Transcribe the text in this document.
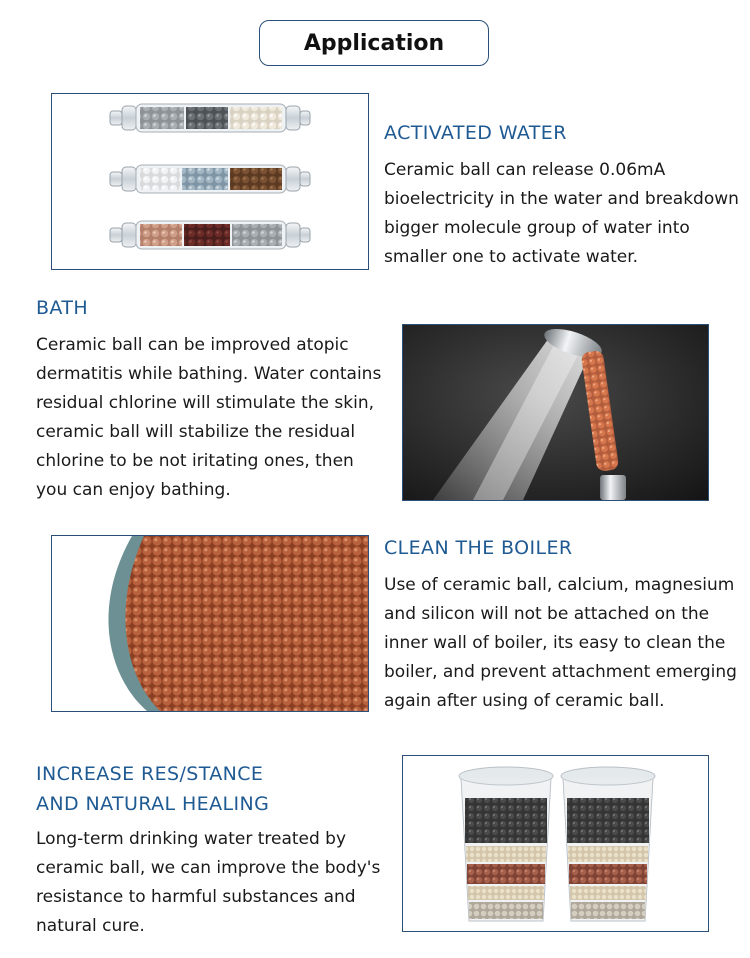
Application
ACTIVATED WATER

Ceramic ball can release 0.06mA bioelectricity in the water and breakdown bigger molecule group of water into smaller one to activate water.

BATH

Ceramic ball can be improved atopic dermatitis while bathing. Water contains residual chlorine will stimulate the skin, ceramic ball will stabilize the residual chlorine to be not iritating ones, then you can enjoy bathing.

CLEAN THE BOILER

Use of ceramic ball, calcium, magnesium and silicon will not be attached on the inner wall of boiler, its easy to clean the boiler, and prevent attachment emerging again after using of ceramic ball.

INCREASE RES/STANCE
AND NATURAL HEALING

Long-term drinking water treated by ceramic ball, we can improve the body's resistance to harmful substances and natural cure.
